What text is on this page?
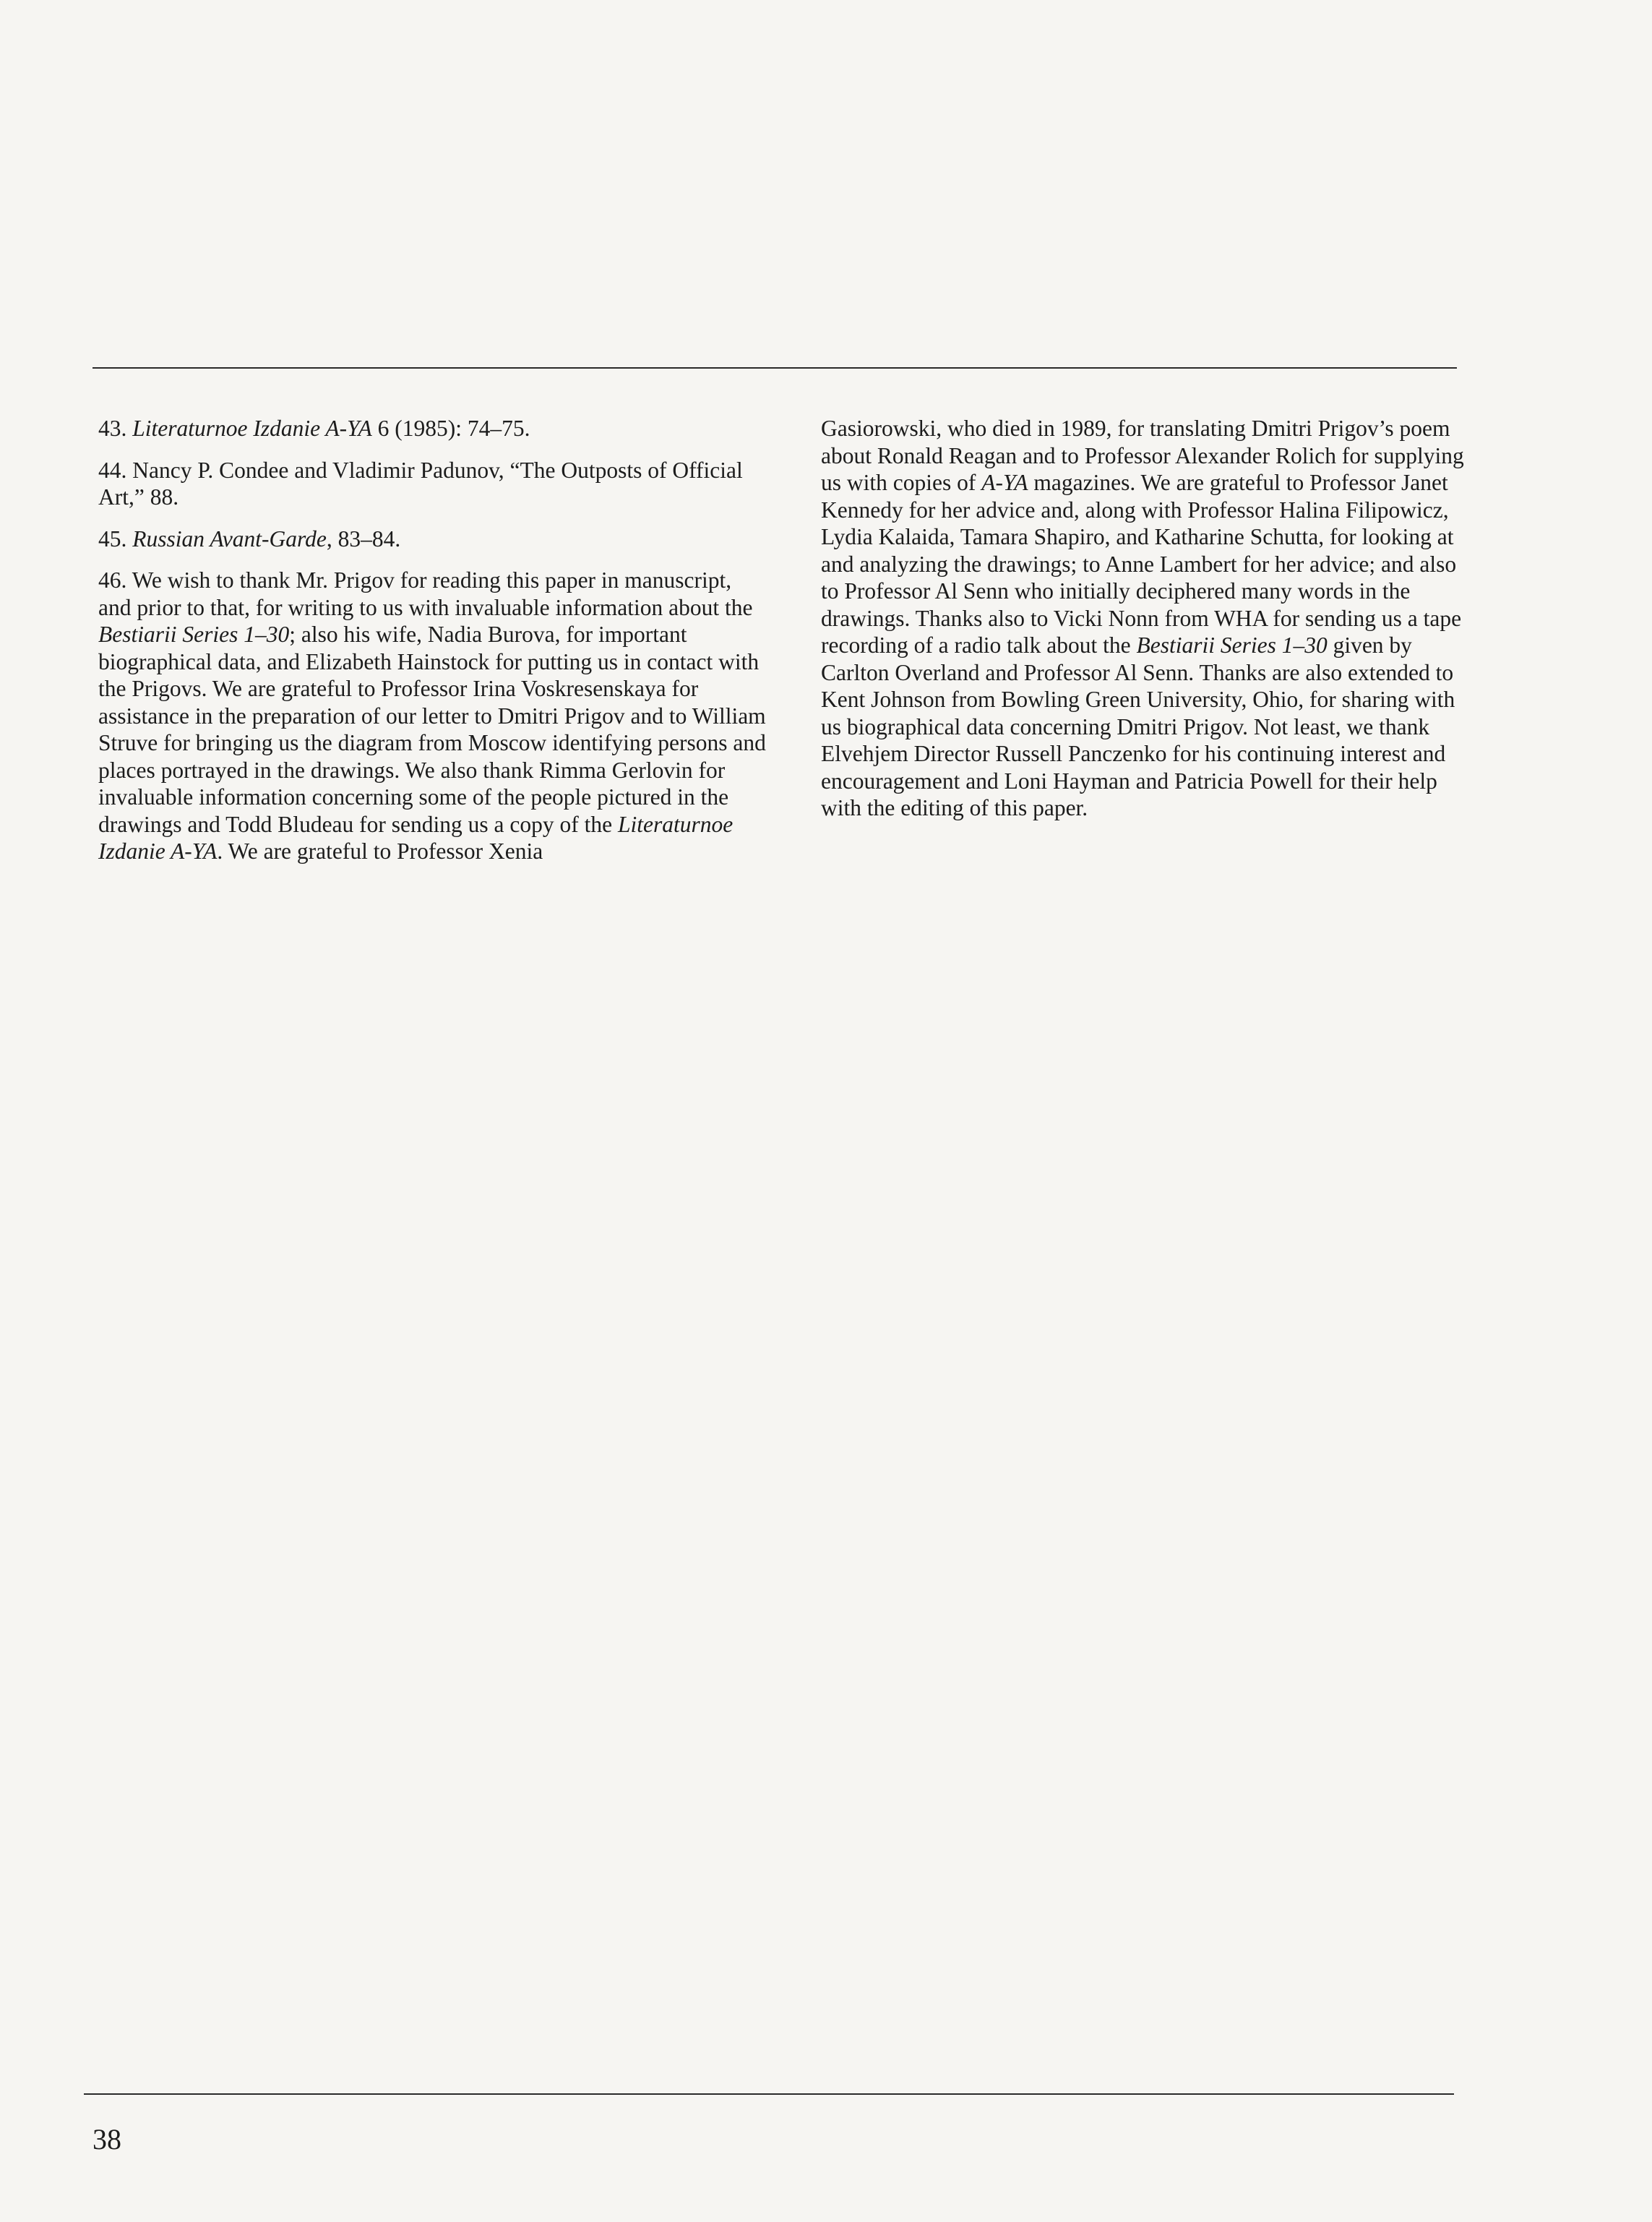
43. Literaturnoe Izdanie A-YA 6 (1985): 74–75.

44. Nancy P. Condee and Vladimir Padunov, “The Outposts of Official Art,” 88.

45. Russian Avant-Garde, 83–84.

46. We wish to thank Mr. Prigov for reading this paper in manuscript, and prior to that, for writing to us with invaluable information about the Bestiarii Series 1–30; also his wife, Nadia Burova, for important biographical data, and Elizabeth Hainstock for putting us in contact with the Prigovs. We are grateful to Professor Irina Voskresenskaya for assistance in the preparation of our letter to Dmitri Prigov and to William Struve for bringing us the diagram from Moscow identifying persons and places portrayed in the drawings. We also thank Rimma Gerlovin for invaluable information concerning some of the people pictured in the drawings and Todd Bludeau for sending us a copy of the Literaturnoe Izdanie A-YA. We are grateful to Professor Xenia

Gasiorowski, who died in 1989, for translating Dmitri Prigov’s poem about Ronald Reagan and to Professor Alexander Rolich for supplying us with copies of A-YA magazines. We are grateful to Professor Janet Kennedy for her advice and, along with Professor Halina Filipowicz, Lydia Kalaida, Tamara Shapiro, and Katharine Schutta, for looking at and analyzing the drawings; to Anne Lambert for her advice; and also to Professor Al Senn who initially deciphered many words in the drawings. Thanks also to Vicki Nonn from WHA for sending us a tape recording of a radio talk about the Bestiarii Series 1–30 given by Carlton Overland and Professor Al Senn. Thanks are also extended to Kent Johnson from Bowling Green University, Ohio, for sharing with us biographical data concerning Dmitri Prigov. Not least, we thank Elvehjem Director Russell Panczenko for his continuing interest and encouragement and Loni Hayman and Patricia Powell for their help with the editing of this paper.

38
